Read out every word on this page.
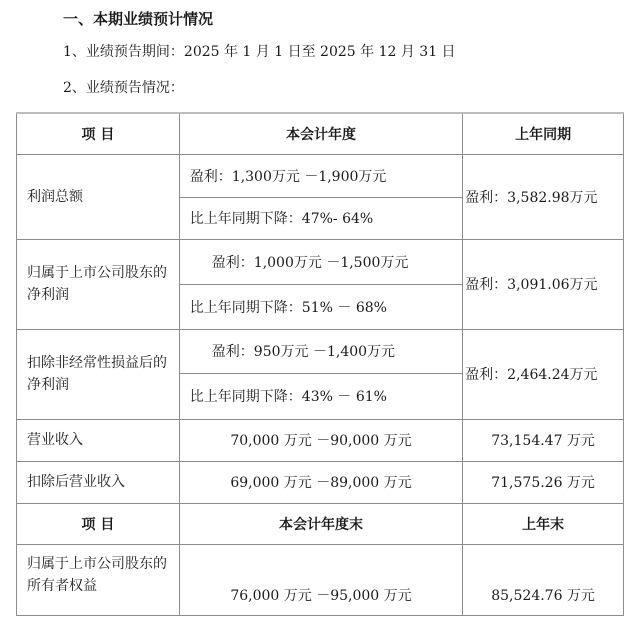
一、本期业绩预计情况
1、业绩预告期间：2025 年 1 月 1 日至 2025 年 12 月 31 日
2、业绩预告情况：
项 目	本会计年度	上年同期
利润总额	盈利：1,300万元 －1,900万元	盈利：3,582.98万元
	比上年同期下降：47%- 64%	
归属于上市公司股东的净利润	盈利：1,000万元 －1,500万元	盈利：3,091.06万元
	比上年同期下降：51% － 68%	
扣除非经常性损益后的净利润	盈利：950万元 －1,400万元	盈利：2,464.24万元
	比上年同期下降：43% － 61%	
营业收入	70,000 万元 －90,000 万元	73,154.47 万元
扣除后营业收入	69,000 万元 －89,000 万元	71,575.26 万元
项 目	本会计年度末	上年末
归属于上市公司股东的所有者权益	76,000 万元 －95,000 万元	85,524.76 万元
